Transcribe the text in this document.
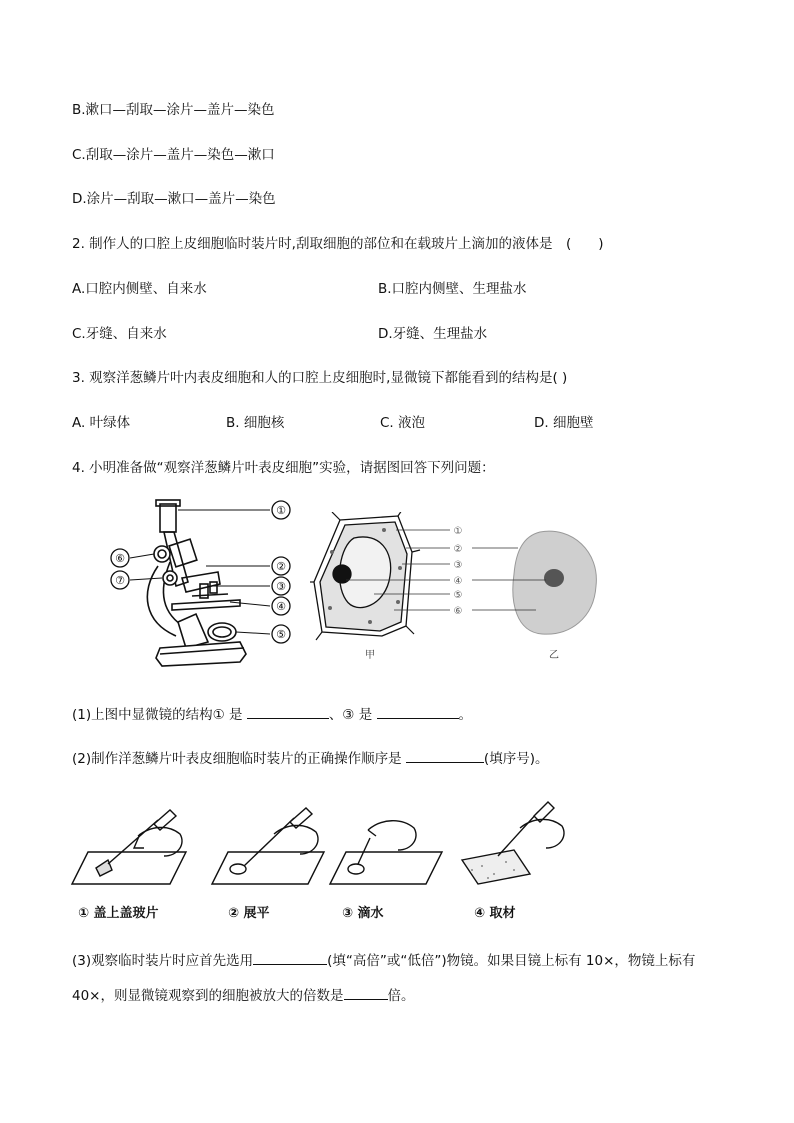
B.漱口—刮取—涂片—盖片—染色
C.刮取—涂片—盖片—染色—漱口
D.涂片—刮取—漱口—盖片—染色
2. 制作人的口腔上皮细胞临时装片时,刮取细胞的部位和在载玻片上滴加的液体是　(　　)
A.口腔内侧壁、自来水	B.口腔内侧壁、生理盐水
C.牙缝、自来水	D.牙缝、生理盐水
3. 观察洋葱鳞片叶内表皮细胞和人的口腔上皮细胞时,显微镜下都能看到的结构是( )
A. 叶绿体	B. 细胞核	C. 液泡	D. 细胞壁
4. 小明准备做“观察洋葱鳞片叶表皮细胞”实验，请据图回答下列问题：
①
②
③
④
⑤
⑥
⑦
①
②
③
④
⑤
⑥
甲	乙
(1)上图中显微镜的结构① 是	、③ 是	。
(2)制作洋葱鳞片叶表皮细胞临时装片的正确操作顺序是	(填序号)。
① 盖上盖玻片	② 展平	③ 滴水	④ 取材
(3)观察临时装片时应首先选用	(填“高倍”或“低倍”)物镜。如果目镜上标有 10×，物镜上标有
40×，则显微镜观察到的细胞被放大的倍数是	倍。
